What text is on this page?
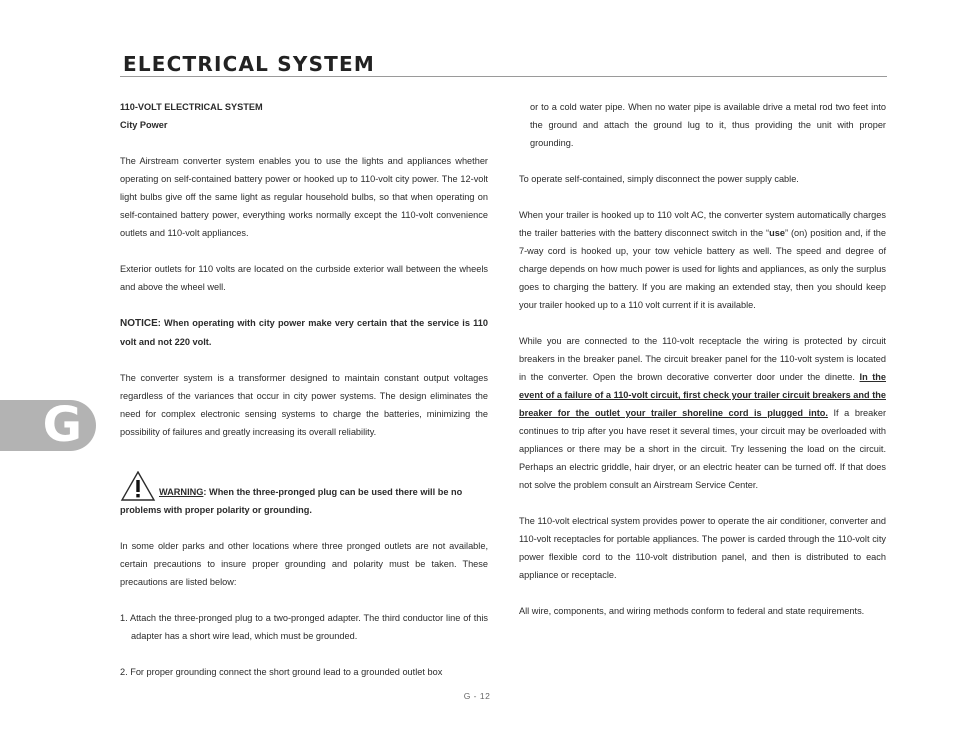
ELECTRICAL SYSTEM
G

110-VOLT ELECTRICAL SYSTEM

City Power

The Airstream converter system enables you to use the lights and appliances whether operating on self-contained battery power or hooked up to 110-volt city power. The 12-volt light bulbs give off the same light as regular household bulbs, so that when operating on self-contained battery power, everything works normally except the 110-volt convenience outlets and 110-volt appliances.

Exterior outlets for 110 volts are located on the curbside exterior wall between the wheels and above the wheel well.

NOTICE: When operating with city power make very certain that the service is 110 volt and not 220 volt.

The converter system is a transformer designed to maintain constant output voltages regardless of the variances that occur in city power systems. The design eliminates the need for complex electronic sensing systems to charge the batteries, minimizing the possibility of failures and greatly increasing its overall reliability.

WARNING: When the three-pronged plug can be used there will be no
problems with proper polarity or grounding.

In some older parks and other locations where three pronged outlets are not available, certain precautions to insure proper grounding and polarity must be taken. These precautions are listed below:

1. Attach the three-pronged plug to a two-pronged adapter. The third conductor line of this adapter has a short wire lead, which must be grounded.

2. For proper grounding connect the short ground lead to a grounded outlet box

or to a cold water pipe. When no water pipe is available drive a metal rod two feet into the ground and attach the ground lug to it, thus providing the unit with proper grounding.

To operate self-contained, simply disconnect the power supply cable.

When your trailer is hooked up to 110 volt AC, the converter system automatically charges the trailer batteries with the battery disconnect switch in the “use” (on) position and, if the 7-way cord is hooked up, your tow vehicle battery as well. The speed and degree of charge depends on how much power is used for lights and appliances, as only the surplus goes to charging the battery. If you are making an extended stay, then you should keep your trailer hooked up to a 110 volt current if it is available.

While you are connected to the 110-volt receptacle the wiring is protected by circuit breakers in the breaker panel. The circuit breaker panel for the 110-volt system is located in the converter. Open the brown decorative converter door under the dinette. In the event of a failure of a 110-volt circuit, first check your trailer circuit breakers and the breaker for the outlet your trailer shoreline cord is plugged into. If a breaker continues to trip after you have reset it several times, your circuit may be overloaded with appliances or there may be a short in the circuit. Try lessening the load on the circuit. Perhaps an electric griddle, hair dryer, or an electric heater can be turned off. If that does not solve the problem consult an Airstream Service Center.

The 110-volt electrical system provides power to operate the air conditioner, converter and 110-volt receptacles for portable appliances. The power is carded through the 110-volt city power flexible cord to the 110-volt distribution panel, and then is distributed to each appliance or receptacle.

All wire, components, and wiring methods conform to federal and state requirements.

G - 12
